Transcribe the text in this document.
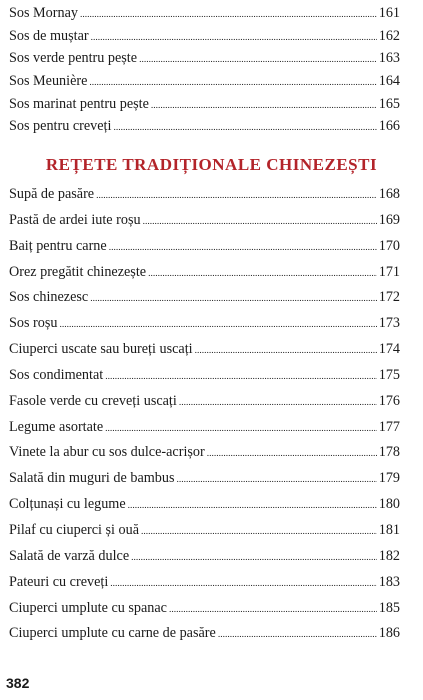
Sos Mornay .....	161
Sos de muștar .....	162
Sos verde pentru pește .....	163
Sos Meunière .....	164
Sos marinat pentru pește .....	165
Sos pentru creveți .....	166
REȚETE TRADIȚIONALE CHINEZEȘTI
Supă de pasăre .....	168
Pastă de ardei iute roșu .....	169
Baiț pentru carne .....	170
Orez pregătit chinezește .....	171
Sos chinezesc .....	172
Sos roșu .....	173
Ciuperci uscate sau bureți uscați .....	174
Sos condimentat .....	175
Fasole verde cu creveți uscați .....	176
Legume asortate .....	177
Vinete la abur cu sos dulce-acrișor .....	178
Salată din muguri de bambus .....	179
Colțunași cu legume .....	180
Pilaf cu ciuperci și ouă .....	181
Salată de varză dulce .....	182
Pateuri cu creveți .....	183
Ciuperci umplute cu spanac .....	185
Ciuperci umplute cu carne de pasăre .....	186
382
